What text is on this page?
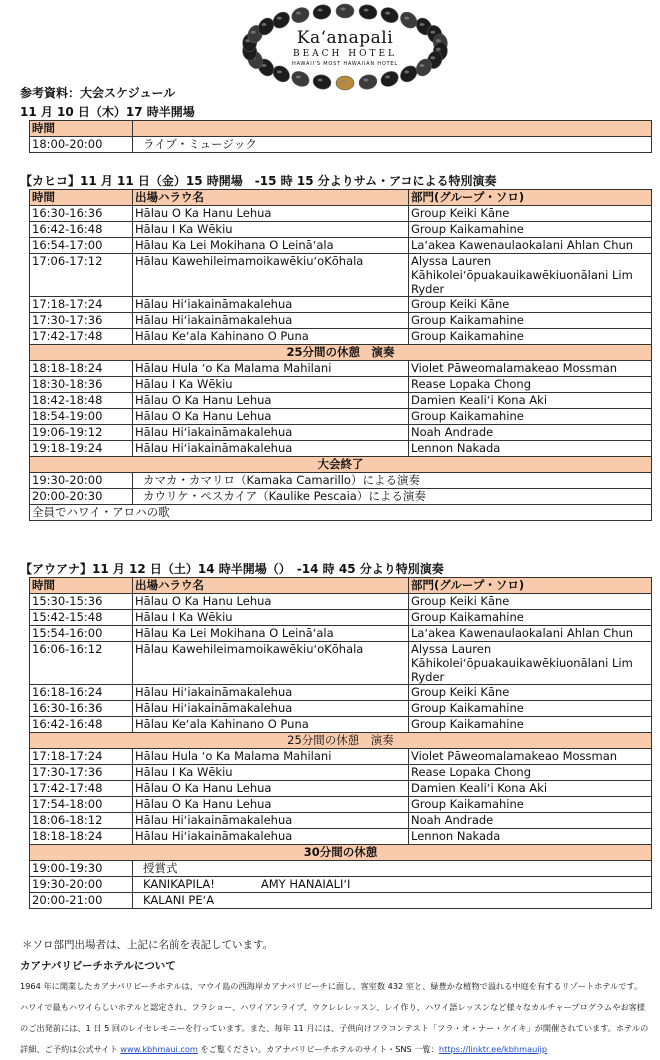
Kaʻanapali
BEACH HOTEL
HAWAII'S MOST HAWAIIAN HOTEL
参考資料：大会スケジュール
11 月 10 日（木）17 時半開場
時間	
18:00-20:00	ライブ・ミュージック
【カヒコ】11 月 11 日（金）15 時開場　-15 時 15 分よりサム・アコによる特別演奏
時間	出場ハラウ名	部門(グループ・ソロ)
16:30-16:36	Hālau O Ka Hanu Lehua	Group Keiki Kāne
16:42-16:48	Hālau I Ka Wēkiu	Group Kaikamahine
16:54-17:00	Hālau Ka Lei Mokihana O Leināʻala	Laʻakea Kawenaulaokalani Ahlan Chun
17:06-17:12	Hālau KawehileimamoikawēkiuʻoKōhala	Alyssa Lauren Kāhikoleiʻōpuakauikawēkiuonālani Lim Ryder
17:18-17:24	Hālau Hiʻiakaināmakalehua	Group Keiki Kāne
17:30-17:36	Hālau Hiʻiakaināmakalehua	Group Kaikamahine
17:42-17:48	Hālau Keʻala Kahinano O Puna	Group Kaikamahine
25分間の休憩　演奏		
18:18-18:24	Hālau Hula ʻo Ka Malama Mahilani	Violet Pāweomalamakeao Mossman
18:30-18:36	Hālau I Ka Wēkiu	Rease Lopaka Chong
18:42-18:48	Hālau O Ka Hanu Lehua	Damien Kealiʻi Kona Aki
18:54-19:00	Hālau O Ka Hanu Lehua	Group Kaikamahine
19:06-19:12	Hālau Hiʻiakaināmakalehua	Noah Andrade
19:18-19:24	Hālau Hiʻiakaināmakalehua	Lennon Nakada
大会終了		
19:30-20:00	カマカ・カマリロ（Kamaka Camarillo）による演奏	
20:00-20:30	カウリケ・ペスカイア（Kaulike Pescaia）による演奏	
全員でハワイ・アロハの歌		
【アウアナ】11 月 12 日（土）14 時半開場（）　-14 時 45 分より特別演奏
時間	出場ハラウ名	部門(グループ・ソロ)
15:30-15:36	Hālau O Ka Hanu Lehua	Group Keiki Kāne
15:42-15:48	Hālau I Ka Wēkiu	Group Kaikamahine
15:54-16:00	Hālau Ka Lei Mokihana O Leināʻala	Laʻakea Kawenaulaokalani Ahlan Chun
16:06-16:12	Hālau KawehileimamoikawēkiuʻoKōhala	Alyssa Lauren Kāhikoleiʻōpuakauikawēkiuonālani Lim Ryder
16:18-16:24	Hālau Hiʻiakaināmakalehua	Group Keiki Kāne
16:30-16:36	Hālau Hiʻiakaināmakalehua	Group Kaikamahine
16:42-16:48	Hālau Keʻala Kahinano O Puna	Group Kaikamahine
25分間の休憩　演奏		
17:18-17:24	Hālau Hula ʻo Ka Malama Mahilani	Violet Pāweomalamakeao Mossman
17:30-17:36	Hālau I Ka Wēkiu	Rease Lopaka Chong
17:42-17:48	Hālau O Ka Hanu Lehua	Damien Kealiʻi Kona Aki
17:54-18:00	Hālau O Ka Hanu Lehua	Group Kaikamahine
18:06-18:12	Hālau Hiʻiakaināmakalehua	Noah Andrade
18:18-18:24	Hālau Hiʻiakaināmakalehua	Lennon Nakada
30分間の休憩		
19:00-19:30	授賞式	
19:30-20:00	KANIKAPILA!　　　　AMY HANAIALIʻI	
20:00-21:00	KALANI PEʻA	
＊ソロ部門出場者は、上記に名前を表記しています。
カアナパリビーチホテルについて
1964 年に開業したカアナパリビーチホテルは、マウイ島の西海岸カアナパリビーチに面し、客室数 432 室と、緑豊かな植物で溢れる中庭を有するリゾートホテルです。ハワイで最もハワイらしいホテルと認定され、フラショー、ハワイアンライブ、ウクレレレッスン、レイ作り、ハワイ語レッスンなど様々なカルチャープログラムやお客様のご出発前には、1 日 5 回のレイセレモニーを行っています。また、毎年 11 月には、子供向けフラコンテスト「フラ・オ・ナー・ケイキ」が開催されています。ホテルの詳細、ご予約は公式サイト www.kbhmaui.com をご覧ください。カアナパリビーチホテルのサイト・SNS 一覧：https://linktr.ee/kbhmauijp
